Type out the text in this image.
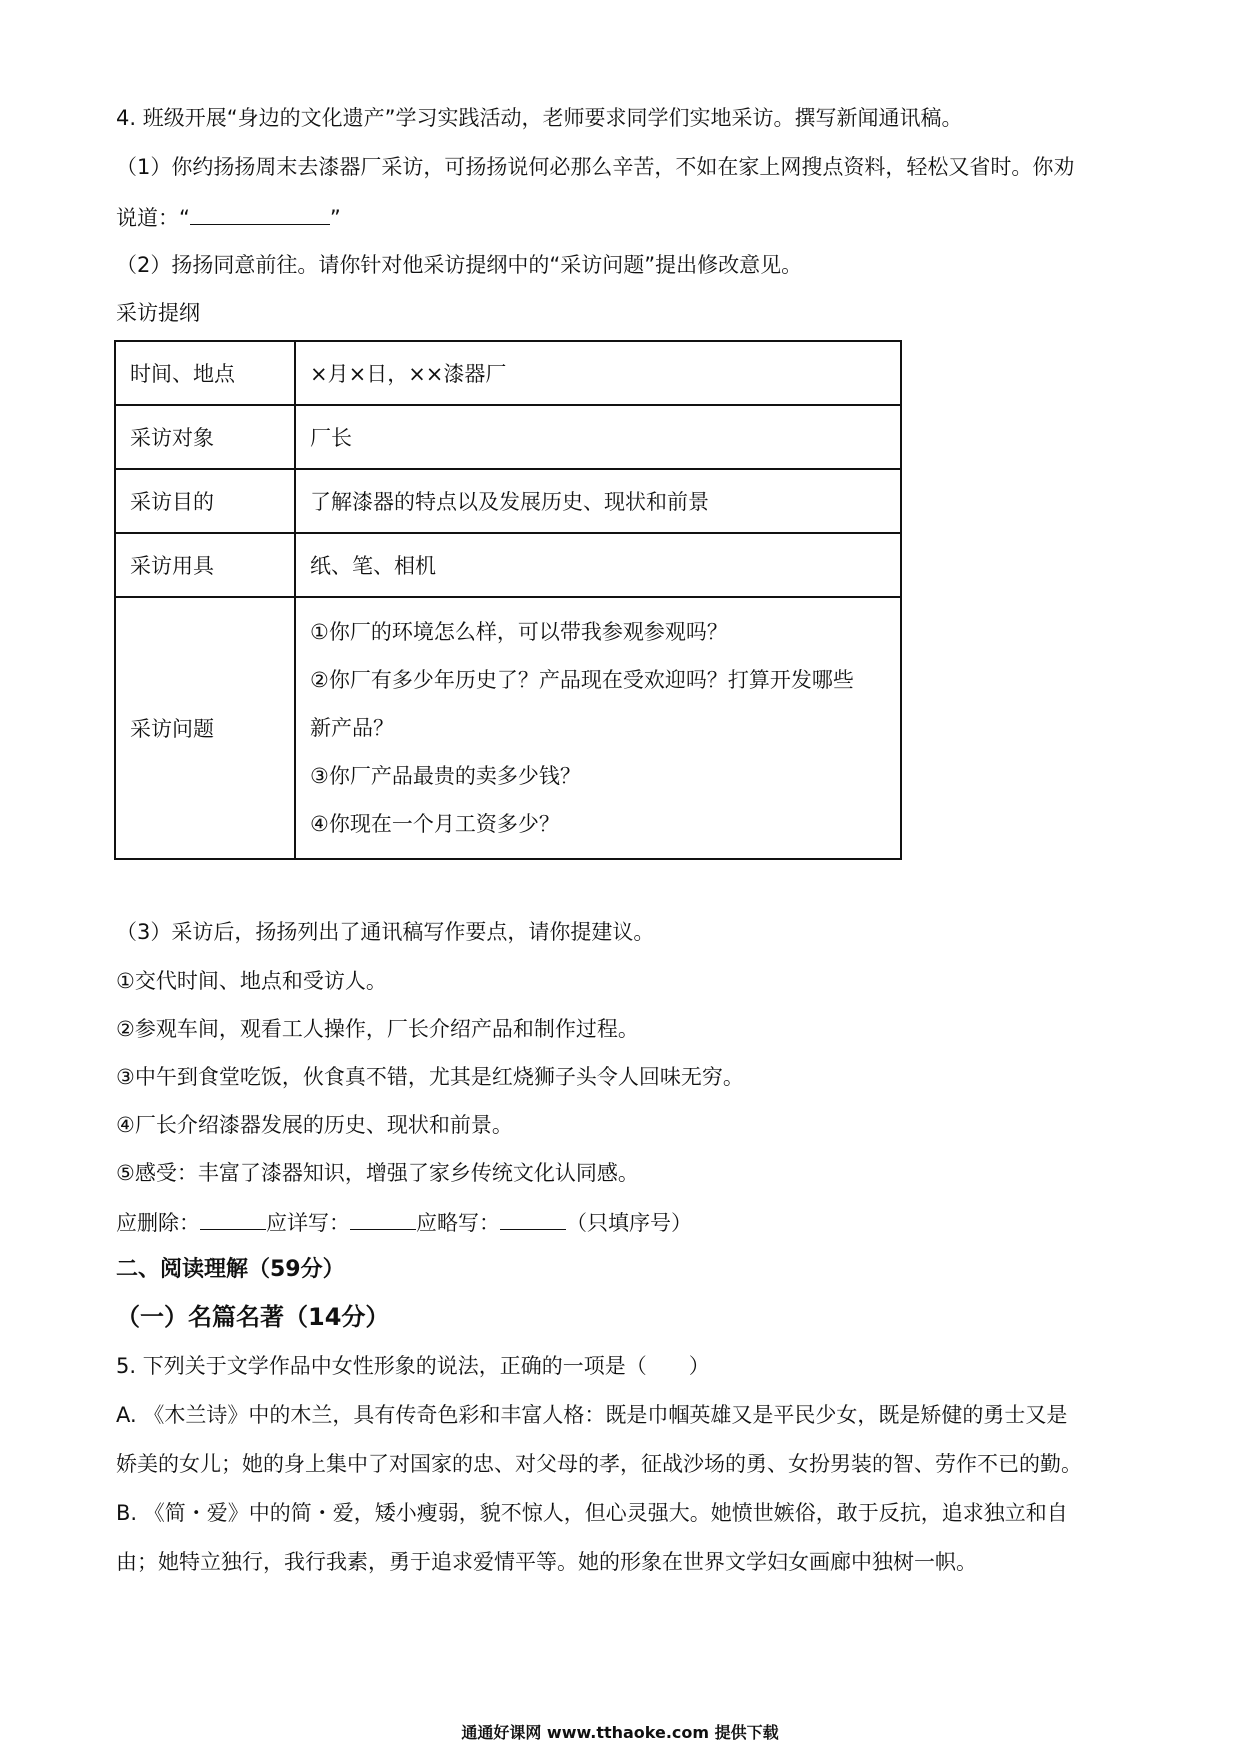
4. 班级开展“身边的文化遗产”学习实践活动，老师要求同学们实地采访。撰写新闻通讯稿。
（1）你约扬扬周末去漆器厂采访，可扬扬说何必那么辛苦，不如在家上网搜点资料，轻松又省时。你劝
说道：“	”
（2）扬扬同意前往。请你针对他采访提纲中的“采访问题”提出修改意见。
采访提纲
时间、地点	×月×日，××漆器厂
采访对象	厂长
采访目的	了解漆器的特点以及发展历史、现状和前景
采访用具	纸、笔、相机
采访问题	①你厂的环境怎么样，可以带我参观参观吗？
②你厂有多少年历史了？产品现在受欢迎吗？打算开发哪些
新产品？
③你厂产品最贵的卖多少钱？
④你现在一个月工资多少？
（3）采访后，扬扬列出了通讯稿写作要点，请你提建议。
①交代时间、地点和受访人。
②参观车间，观看工人操作，厂长介绍产品和制作过程。
③中午到食堂吃饭，伙食真不错，尤其是红烧狮子头令人回味无穷。
④厂长介绍漆器发展的历史、现状和前景。
⑤感受：丰富了漆器知识，增强了家乡传统文化认同感。
应删除：	应详写：	应略写：	（只填序号）
二、阅读理解（59分）
（一）名篇名著（14分）
5. 下列关于文学作品中女性形象的说法，正确的一项是（　　）
A. 《木兰诗》中的木兰，具有传奇色彩和丰富人格：既是巾帼英雄又是平民少女，既是矫健的勇士又是
娇美的女儿；她的身上集中了对国家的忠、对父母的孝，征战沙场的勇、女扮男装的智、劳作不已的勤。
B. 《简・爱》中的简・爱，矮小瘦弱，貌不惊人，但心灵强大。她愤世嫉俗，敢于反抗，追求独立和自
由；她特立独行，我行我素，勇于追求爱情平等。她的形象在世界文学妇女画廊中独树一帜。
通通好课网 www.tthaoke.com 提供下载
